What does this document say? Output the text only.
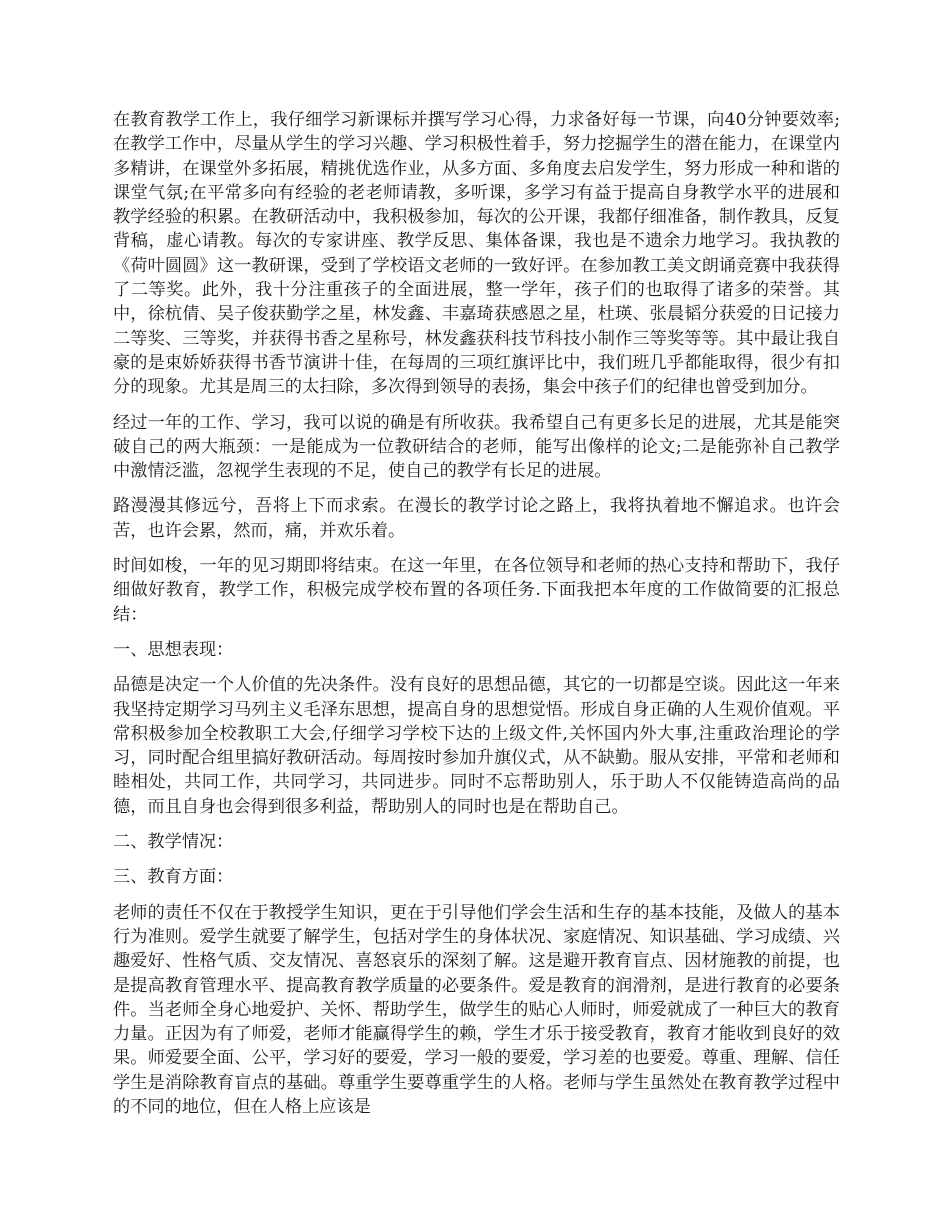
在教育教学工作上，我仔细学习新课标并撰写学习心得，力求备好每一节课，向40分钟要效率;在教学工作中，尽量从学生的学习兴趣、学习积极性着手，努力挖掘学生的潜在能力，在课堂内多精讲，在课堂外多拓展，精挑优选作业，从多方面、多角度去启发学生，努力形成一种和谐的课堂气氛;在平常多向有经验的老老师请教，多听课，多学习有益于提高自身教学水平的进展和教学经验的积累。在教研活动中，我积极参加，每次的公开课，我都仔细准备，制作教具，反复背稿，虚心请教。每次的专家讲座、教学反思、集体备课，我也是不遗余力地学习。我执教的《荷叶圆圆》这一教研课，受到了学校语文老师的一致好评。在参加教工美文朗诵竞赛中我获得了二等奖。此外，我十分注重孩子的全面进展，整一学年，孩子们的也取得了诸多的荣誉。其中，徐杭倩、吴子俊获勤学之星，林发鑫、丰嘉琦获感恩之星，杜瑛、张晨韬分获爱的日记接力二等奖、三等奖，并获得书香之星称号，林发鑫获科技节科技小制作三等奖等等。其中最让我自豪的是束娇娇获得书香节演讲十佳，在每周的三项红旗评比中，我们班几乎都能取得，很少有扣分的现象。尤其是周三的太扫除，多次得到领导的表扬，集会中孩子们的纪律也曾受到加分。

经过一年的工作、学习，我可以说的确是有所收获。我希望自己有更多长足的进展，尤其是能突破自己的两大瓶颈：一是能成为一位教研结合的老师，能写出像样的论文;二是能弥补自己教学中激情泛滥，忽视学生表现的不足，使自己的教学有长足的进展。

路漫漫其修远兮，吾将上下而求索。在漫长的教学讨论之路上，我将执着地不懈追求。也许会苦，也许会累，然而，痛，并欢乐着。

时间如梭，一年的见习期即将结束。在这一年里，在各位领导和老师的热心支持和帮助下，我仔细做好教育，教学工作，积极完成学校布置的各项任务.下面我把本年度的工作做简要的汇报总结：

一、思想表现：

品德是决定一个人价值的先决条件。没有良好的思想品德，其它的一切都是空谈。因此这一年来我坚持定期学习马列主义毛泽东思想，提高自身的思想觉悟。形成自身正确的人生观价值观。平常积极参加全校教职工大会,仔细学习学校下达的上级文件,关怀国内外大事,注重政治理论的学习，同时配合组里搞好教研活动。每周按时参加升旗仪式，从不缺勤。服从安排，平常和老师和睦相处，共同工作，共同学习，共同进步。同时不忘帮助别人，乐于助人不仅能铸造高尚的品德，而且自身也会得到很多利益，帮助别人的同时也是在帮助自己。

二、教学情况：

三、教育方面：

老师的责任不仅在于教授学生知识，更在于引导他们学会生活和生存的基本技能，及做人的基本行为准则。爱学生就要了解学生，包括对学生的身体状况、家庭情况、知识基础、学习成绩、兴趣爱好、性格气质、交友情况、喜怒哀乐的深刻了解。这是避开教育盲点、因材施教的前提，也是提高教育管理水平、提高教育教学质量的必要条件。爱是教育的润滑剂，是进行教育的必要条件。当老师全身心地爱护、关怀、帮助学生，做学生的贴心人师时，师爱就成了一种巨大的教育力量。正因为有了师爱，老师才能赢得学生的赖，学生才乐于接受教育，教育才能收到良好的效果。师爱要全面、公平，学习好的要爱，学习一般的要爱，学习差的也要爱。尊重、理解、信任学生是消除教育盲点的基础。尊重学生要尊重学生的人格。老师与学生虽然处在教育教学过程中的不同的地位，但在人格上应该是
